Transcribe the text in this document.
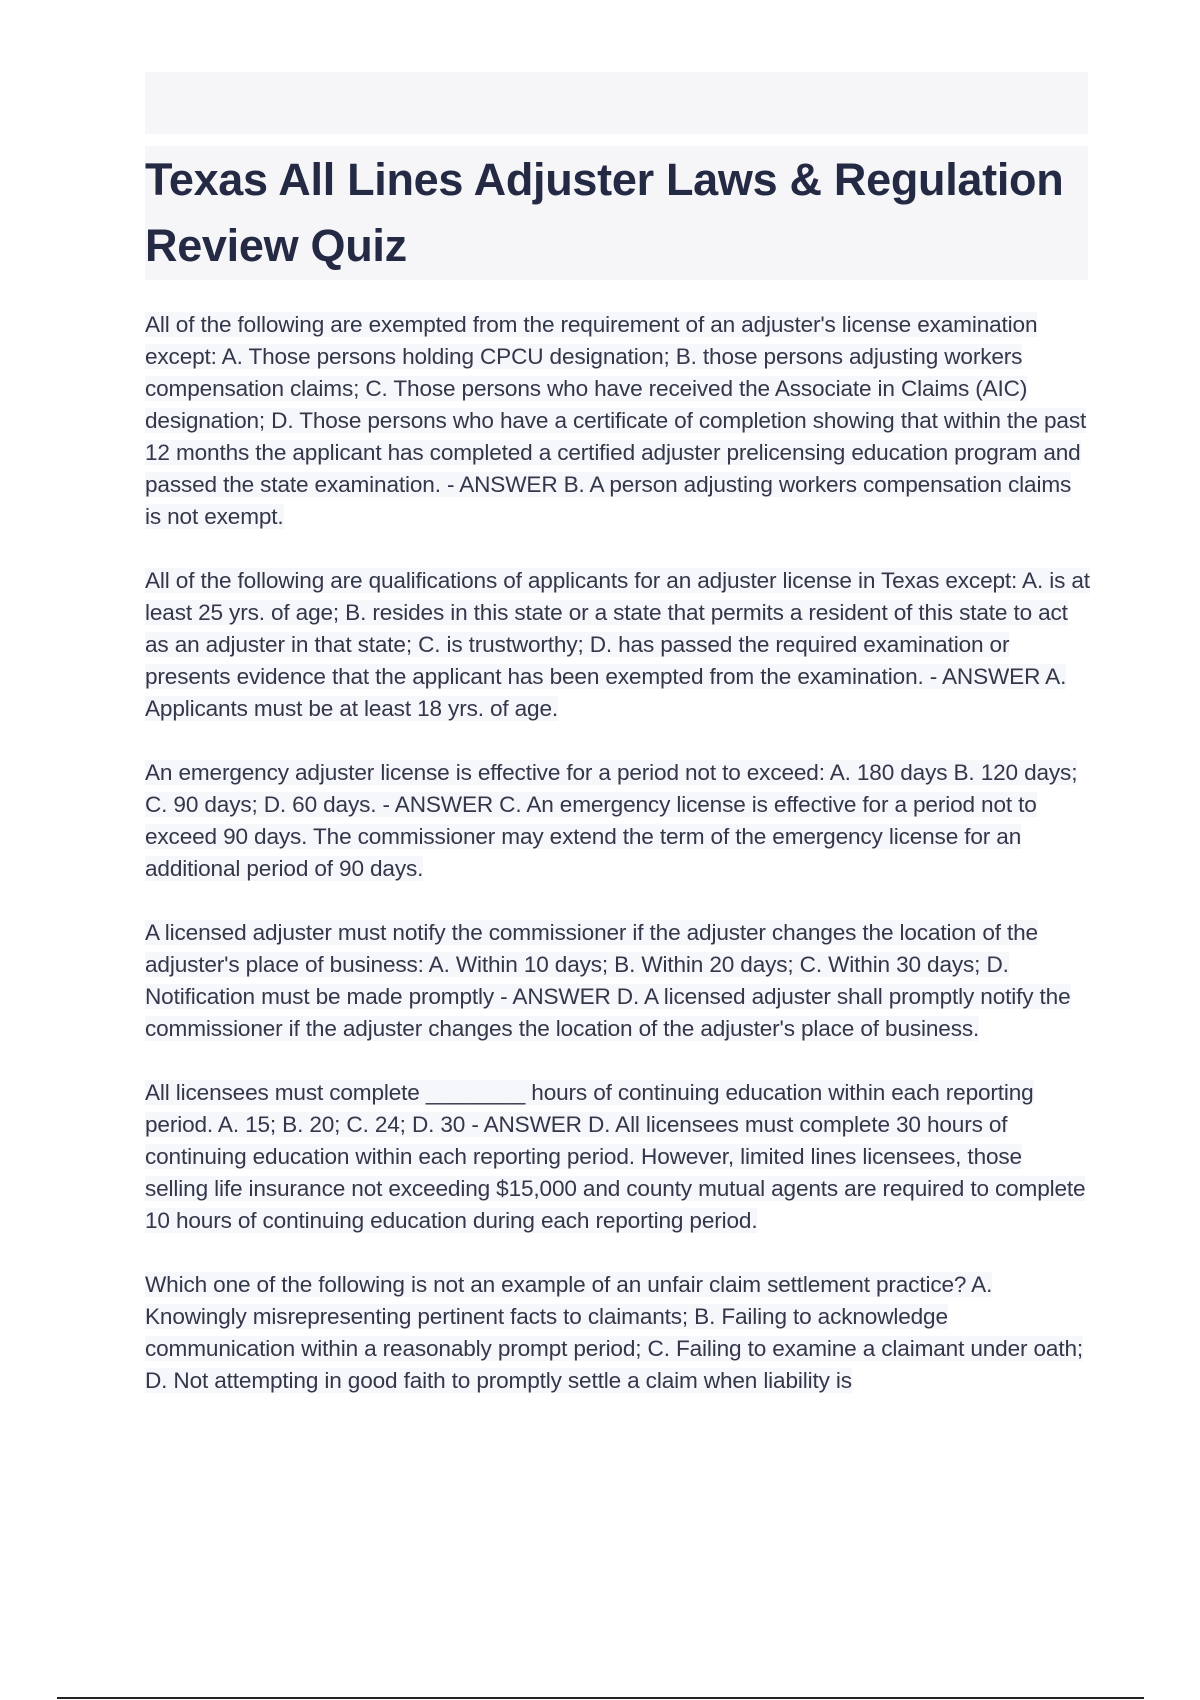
Texas All Lines Adjuster Laws & Regulation Review Quiz

All of the following are exempted from the requirement of an adjuster's license examination except: A. Those persons holding CPCU designation; B. those persons adjusting workers compensation claims; C. Those persons who have received the Associate in Claims (AIC) designation; D. Those persons who have a certificate of completion showing that within the past 12 months the applicant has completed a certified adjuster prelicensing education program and passed the state examination. - ANSWER B. A person adjusting workers compensation claims is not exempt.

All of the following are qualifications of applicants for an adjuster license in Texas except: A. is at least 25 yrs. of age; B. resides in this state or a state that permits a resident of this state to act as an adjuster in that state; C. is trustworthy; D. has passed the required examination or presents evidence that the applicant has been exempted from the examination. - ANSWER A. Applicants must be at least 18 yrs. of age.

An emergency adjuster license is effective for a period not to exceed: A. 180 days B. 120 days; C. 90 days; D. 60 days. - ANSWER C. An emergency license is effective for a period not to exceed 90 days. The commissioner may extend the term of the emergency license for an additional period of 90 days.

A licensed adjuster must notify the commissioner if the adjuster changes the location of the adjuster's place of business: A. Within 10 days; B. Within 20 days; C. Within 30 days; D. Notification must be made promptly - ANSWER D. A licensed adjuster shall promptly notify the commissioner if the adjuster changes the location of the adjuster's place of business.

All licensees must complete ________ hours of continuing education within each reporting period. A. 15; B. 20; C. 24; D. 30 - ANSWER D. All licensees must complete 30 hours of continuing education within each reporting period. However, limited lines licensees, those selling life insurance not exceeding $15,000 and county mutual agents are required to complete 10 hours of continuing education during each reporting period.

Which one of the following is not an example of an unfair claim settlement practice? A. Knowingly misrepresenting pertinent facts to claimants; B. Failing to acknowledge communication within a reasonably prompt period; C. Failing to examine a claimant under oath; D. Not attempting in good faith to promptly settle a claim when liability is
